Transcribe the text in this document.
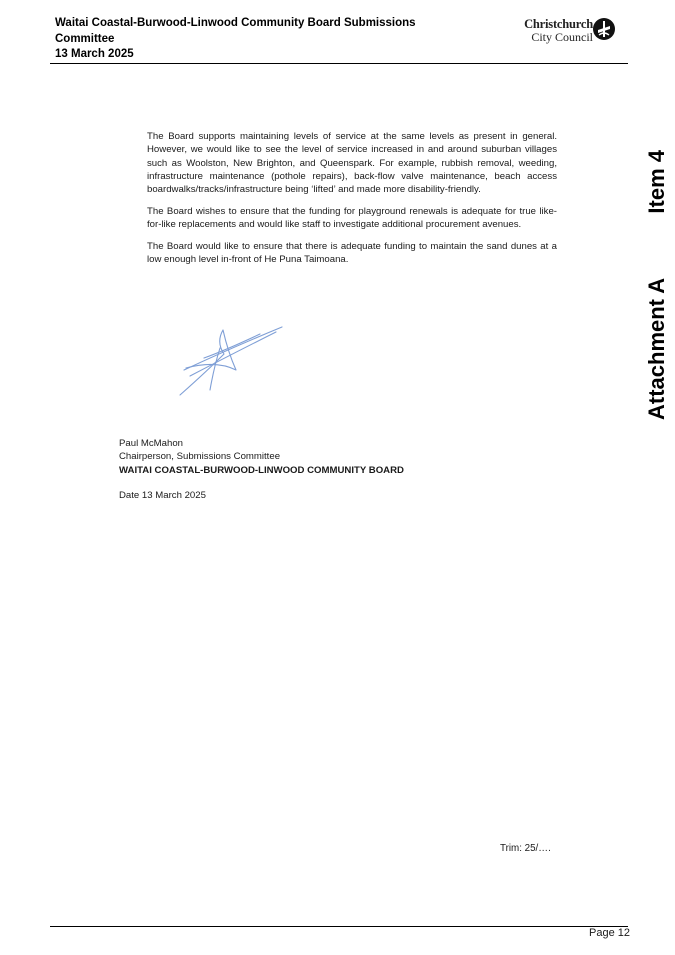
Waitai Coastal-Burwood-Linwood Community Board Submissions
Committee
13 March 2025
Christchurch
City Council

The Board supports maintaining levels of service at the same levels as present in general. However, we would like to see the level of service increased in and around suburban villages such as Woolston, New Brighton, and Queenspark. For example, rubbish removal, weeding, infrastructure maintenance (pothole repairs), back-flow valve maintenance, beach access boardwalks/tracks/infrastructure being ‘lifted’ and made more disability-friendly.

The Board wishes to ensure that the funding for playground renewals is adequate for true like-for-like replacements and would like staff to investigate additional procurement avenues.

The Board would like to ensure that there is adequate funding to maintain the sand dunes at a low enough level in-front of He Puna Taimoana.

Paul McMahon
Chairperson, Submissions Committee
WAITAI COASTAL-BURWOOD-LINWOOD COMMUNITY BOARD
Date 13 March 2025
Trim: 25/….
Page 12
Attachment A
Item 4
